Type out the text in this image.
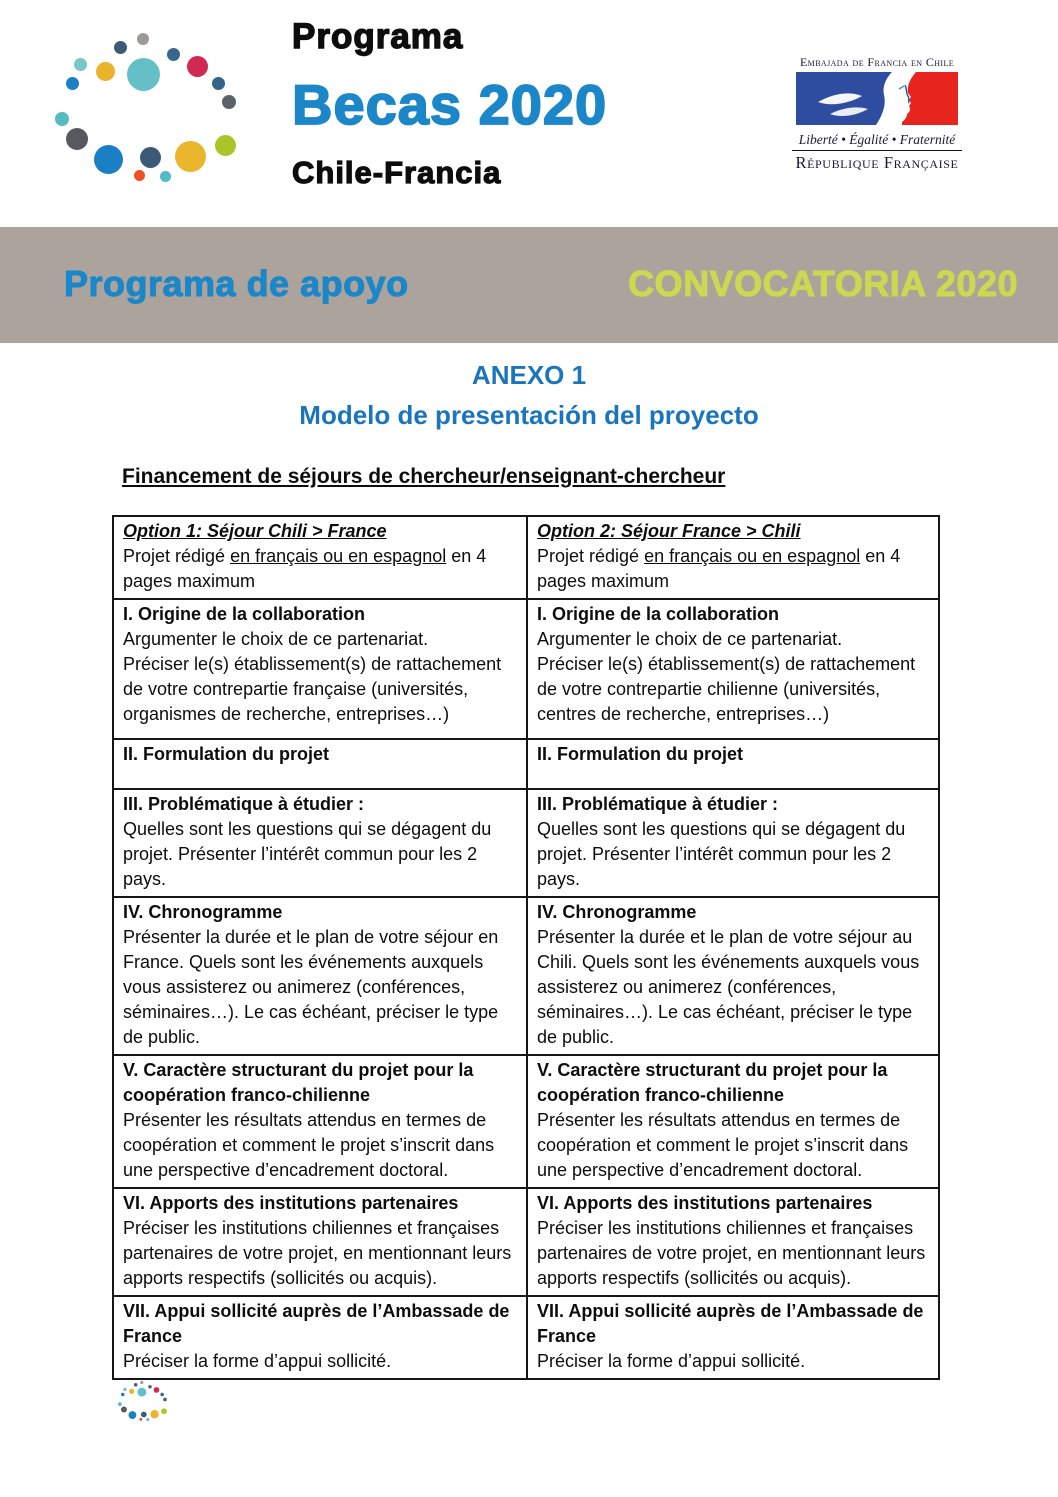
Programa
Becas 2020
Chile-Francia
Embajada de Francia en Chile
Liberté • Égalité • Fraternité
République Française
Programa de apoyo	CONVOCATORIA 2020
ANEXO 1
Modelo de presentación del proyecto
Financement de séjours de chercheur/enseignant-chercheur
Option 1: Séjour Chili > France
Projet rédigé en français ou en espagnol en 4 pages maximum
Option 2: Séjour France > Chili
Projet rédigé en français ou en espagnol en 4 pages maximum
I. Origine de la collaboration
Argumenter le choix de ce partenariat.
Préciser le(s) établissement(s) de rattachement de votre contrepartie française (universités, organismes de recherche, entreprises…)
I. Origine de la collaboration
Argumenter le choix de ce partenariat.
Préciser le(s) établissement(s) de rattachement de votre contrepartie chilienne (universités, centres de recherche, entreprises…)
II. Formulation du projet	II. Formulation du projet
III. Problématique à étudier :
Quelles sont les questions qui se dégagent du projet. Présenter l’intérêt commun pour les 2 pays.
III. Problématique à étudier :
Quelles sont les questions qui se dégagent du projet. Présenter l’intérêt commun pour les 2 pays.
IV. Chronogramme
Présenter la durée et le plan de votre séjour en France. Quels sont les événements auxquels vous assisterez ou animerez (conférences, séminaires…). Le cas échéant, préciser le type de public.
IV. Chronogramme
Présenter la durée et le plan de votre séjour au Chili. Quels sont les événements auxquels vous assisterez ou animerez (conférences, séminaires…). Le cas échéant, préciser le type de public.
V. Caractère structurant du projet pour la coopération franco-chilienne
Présenter les résultats attendus en termes de coopération et comment le projet s’inscrit dans une perspective d’encadrement doctoral.
V. Caractère structurant du projet pour la coopération franco-chilienne
Présenter les résultats attendus en termes de coopération et comment le projet s’inscrit dans une perspective d’encadrement doctoral.
VI. Apports des institutions partenaires
Préciser les institutions chiliennes et françaises partenaires de votre projet, en mentionnant leurs apports respectifs (sollicités ou acquis).
VI. Apports des institutions partenaires
Préciser les institutions chiliennes et françaises partenaires de votre projet, en mentionnant leurs apports respectifs (sollicités ou acquis).
VII. Appui sollicité auprès de l’Ambassade de France
Préciser la forme d’appui sollicité.
VII. Appui sollicité auprès de l’Ambassade de France
Préciser la forme d’appui sollicité.
